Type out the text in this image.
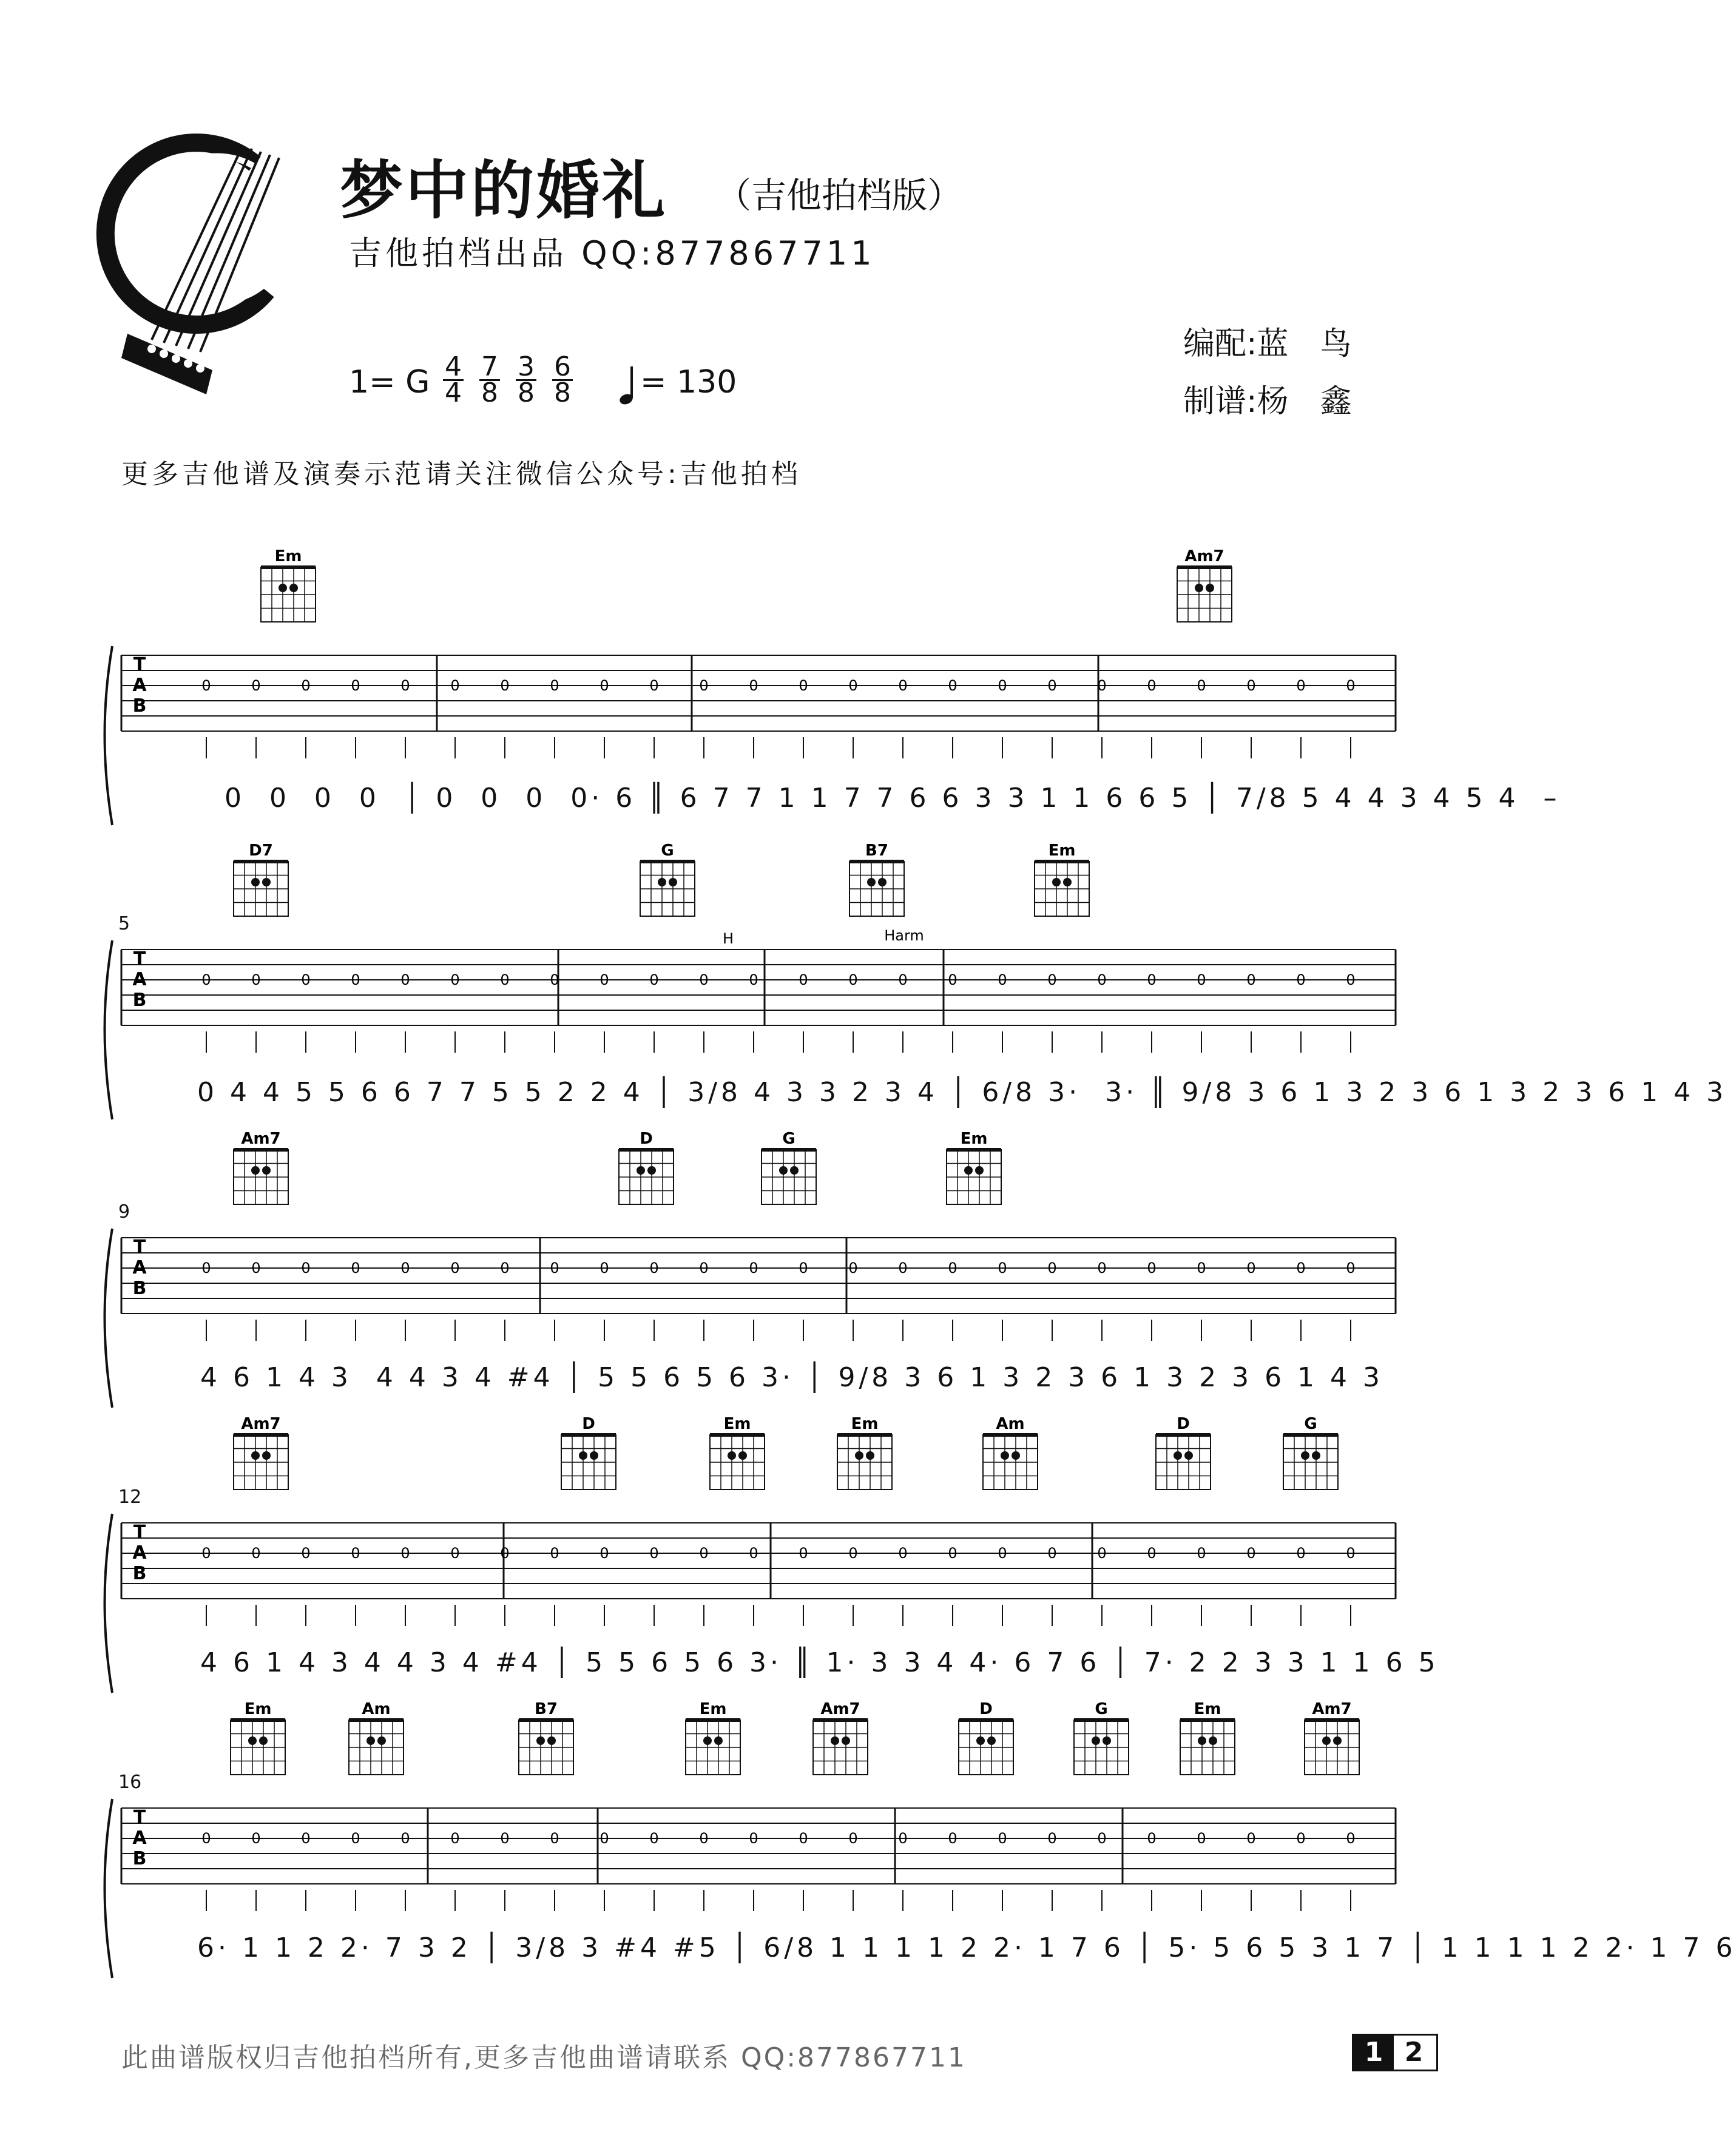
梦中的婚礼 （吉他拍档版）
吉他拍档出品 QQ:877867711
1= G 4
4
7
8
3
8
6
8 = 130
编配:蓝　鸟
制谱:杨　鑫
更多吉他谱及演奏示范请关注微信公众号:吉他拍档
T
A
B
Em	Am7
0	0	0	0	0	0	0	0	0	0	0	0	0	0	0	0	0	0	0	0	0	0	0	0
T
A
B
D7	G	B7	Em
0	0	0	0	0	0	0	0	0	0	0	0	0	0	0	0	0	0	0	0	0	0	0	0
T
A
B
Am7	D	G	Em
0	0	0	0	0	0	0	0	0	0	0	0	0	0	0	0	0	0	0	0	0	0	0	0
T
A
B
Am7	D	Em	Em	Am	D	G
0	0	0	0	0	0	0	0	0	0	0	0	0	0	0	0	0	0	0	0	0	0	0	0
T
A
B
Em	Am	B7	Em	Am7	D	G	Em	Am7
0	0	0	0	0	0	0	0	0	0	0	0	0	0	0	0	0	0	0	0	0	0	0	0
H	Harm
0  0  0  0  │ 0  0  0  0· 6 ║ 6 7 7 1 1 7 7 6 6 3 3 1 1 6 6 5 │ 7/8 5 4 4 3 4 5 4  –
0 4 4 5 5 6 6 7 7 5 5 2 2 4 │ 3/8 4 3 3 2 3 4 │ 6/8 3·  3· ║ 9/8 3 6 1 3 2 3 6 1 3 2 3 6 1 4 3
4 6 1 4 3  4 4 3 4 #4 │ 5 5 6 5 6 3· │ 9/8 3 6 1 3 2 3 6 1 3 2 3 6 1 4 3
4 6 1 4 3 4 4 3 4 #4 │ 5 5 6 5 6 3· ║ 1· 3 3 4 4· 6 7 6 │ 7· 2 2 3 3 1 1 6 5
6· 1 1 2 2· 7 3 2 │ 3/8 3 #4 #5 │ 6/8 1 1 1 1 2 2· 1 7 6 │ 5· 5 6 5 3 1 7 │ 1 1 1 1 2 2· 1 7 6
5
9
12
16
此曲谱版权归吉他拍档所有,更多吉他曲谱请联系 QQ:877867711	1 2
